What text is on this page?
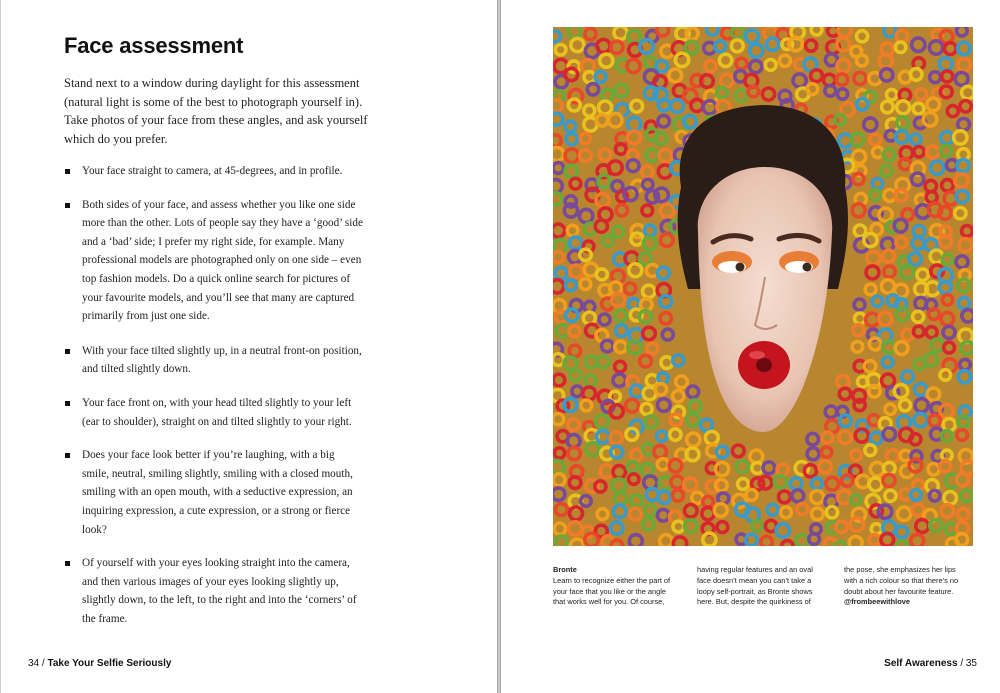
Face assessment

Stand next to a window during daylight for this assessment (natural light is some of the best to photograph yourself in). Take photos of your face from these angles, and ask yourself which do you prefer.

Your face straight to camera, at 45-degrees, and in profile.
Both sides of your face, and assess whether you like one side more than the other. Lots of people say they have a ‘good’ side and a ‘bad’ side; I prefer my right side, for example. Many professional models are photographed only on one side – even top fashion models. Do a quick online search for pictures of your favourite models, and you’ll see that many are captured primarily from just one side.
With your face tilted slightly up, in a neutral front-on position, and tilted slightly down.
Your face front on, with your head tilted slightly to your left (ear to shoulder), straight on and tilted slightly to your right.
Does your face look better if you’re laughing, with a big smile, neutral, smiling slightly, smiling with a closed mouth, smiling with an open mouth, with a seductive expression, an inquiring expression, a cute expression, or a strong or fierce look?
Of yourself with your eyes looking straight into the camera, and then various images of your eyes looking slightly up, slightly down, to the left, to the right and into the ‘corners’ of the frame.
34 / Take Your Selfie Seriously

Bronte
Learn to recognize either the part of your face that you like or the angle that works well for you. Of course,

having regular features and an oval face doesn’t mean you can’t take a loopy self-portrait, as Bronte shows here. But, despite the quirkiness of

the pose, she emphasizes her lips with a rich colour so that there’s no doubt about her favourite feature.
@frombeewithlove

Self Awareness / 35
